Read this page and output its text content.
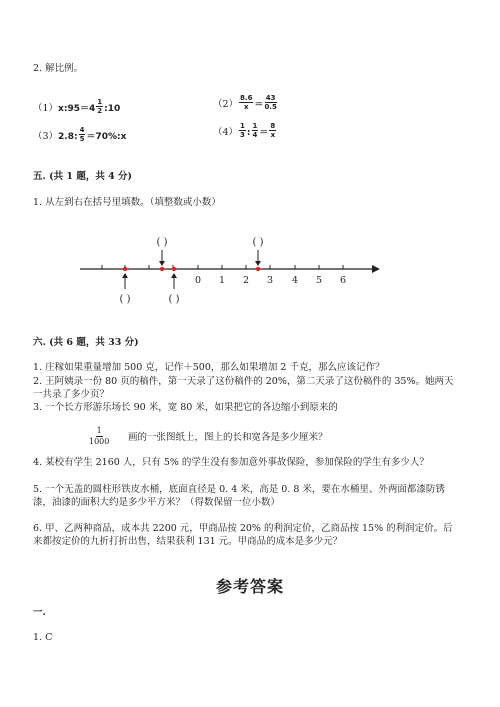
2. 解比例。
（1）x:95＝4 $\frac{1}{2}$ :10	$(2) \frac{8.6}{x} = \frac{43}{0.5}$
（3）2.8: $\frac{4}{5}$ ＝70%:x	$(4) \frac{1}{3}$ : $\frac{1}{4} = \frac{8}{x}$
五. (共 1 题，共 4 分)
1. 从左到右在括号里填数。（填整数或小数）
0 1 2 3 4 5 6
( )	( )
( )	( )
六. (共 6 题，共 33 分)
1. 庄稼如果重量增加 500 克，记作＋500，那么如果增加 2 千克，那么应该记作？
2. 王阿姨录一份 80 页的稿件，第一天录了这份稿件的 20%，第二天录了这份稿件的 35%。她两天一共录了多少页？
3. 一个长方形游乐场长 90 米，宽 80 米，如果把它的各边缩小到原来的
$\frac{1}{1000}$ 画的一张图纸上，图上的长和宽各是多少厘米？
4. 某校有学生 2160 人，只有 5% 的学生没有参加意外事故保险，参加保险的学生有多少人？
5. 一个无盖的圆柱形铁皮水桶，底面直径是 0. 4 米，高是 0. 8 米，要在水桶里、外两面都漆防锈漆，油漆的面积大约是多少平方米？（得数保留一位小数）
6. 甲、乙两种商品，成本共 2200 元，甲商品按 20% 的利润定价，乙商品按 15% 的利润定价。后来都按定价的九折打折出售，结果获利 131 元。甲商品的成本是多少元？
参考答案
一.
1. C
